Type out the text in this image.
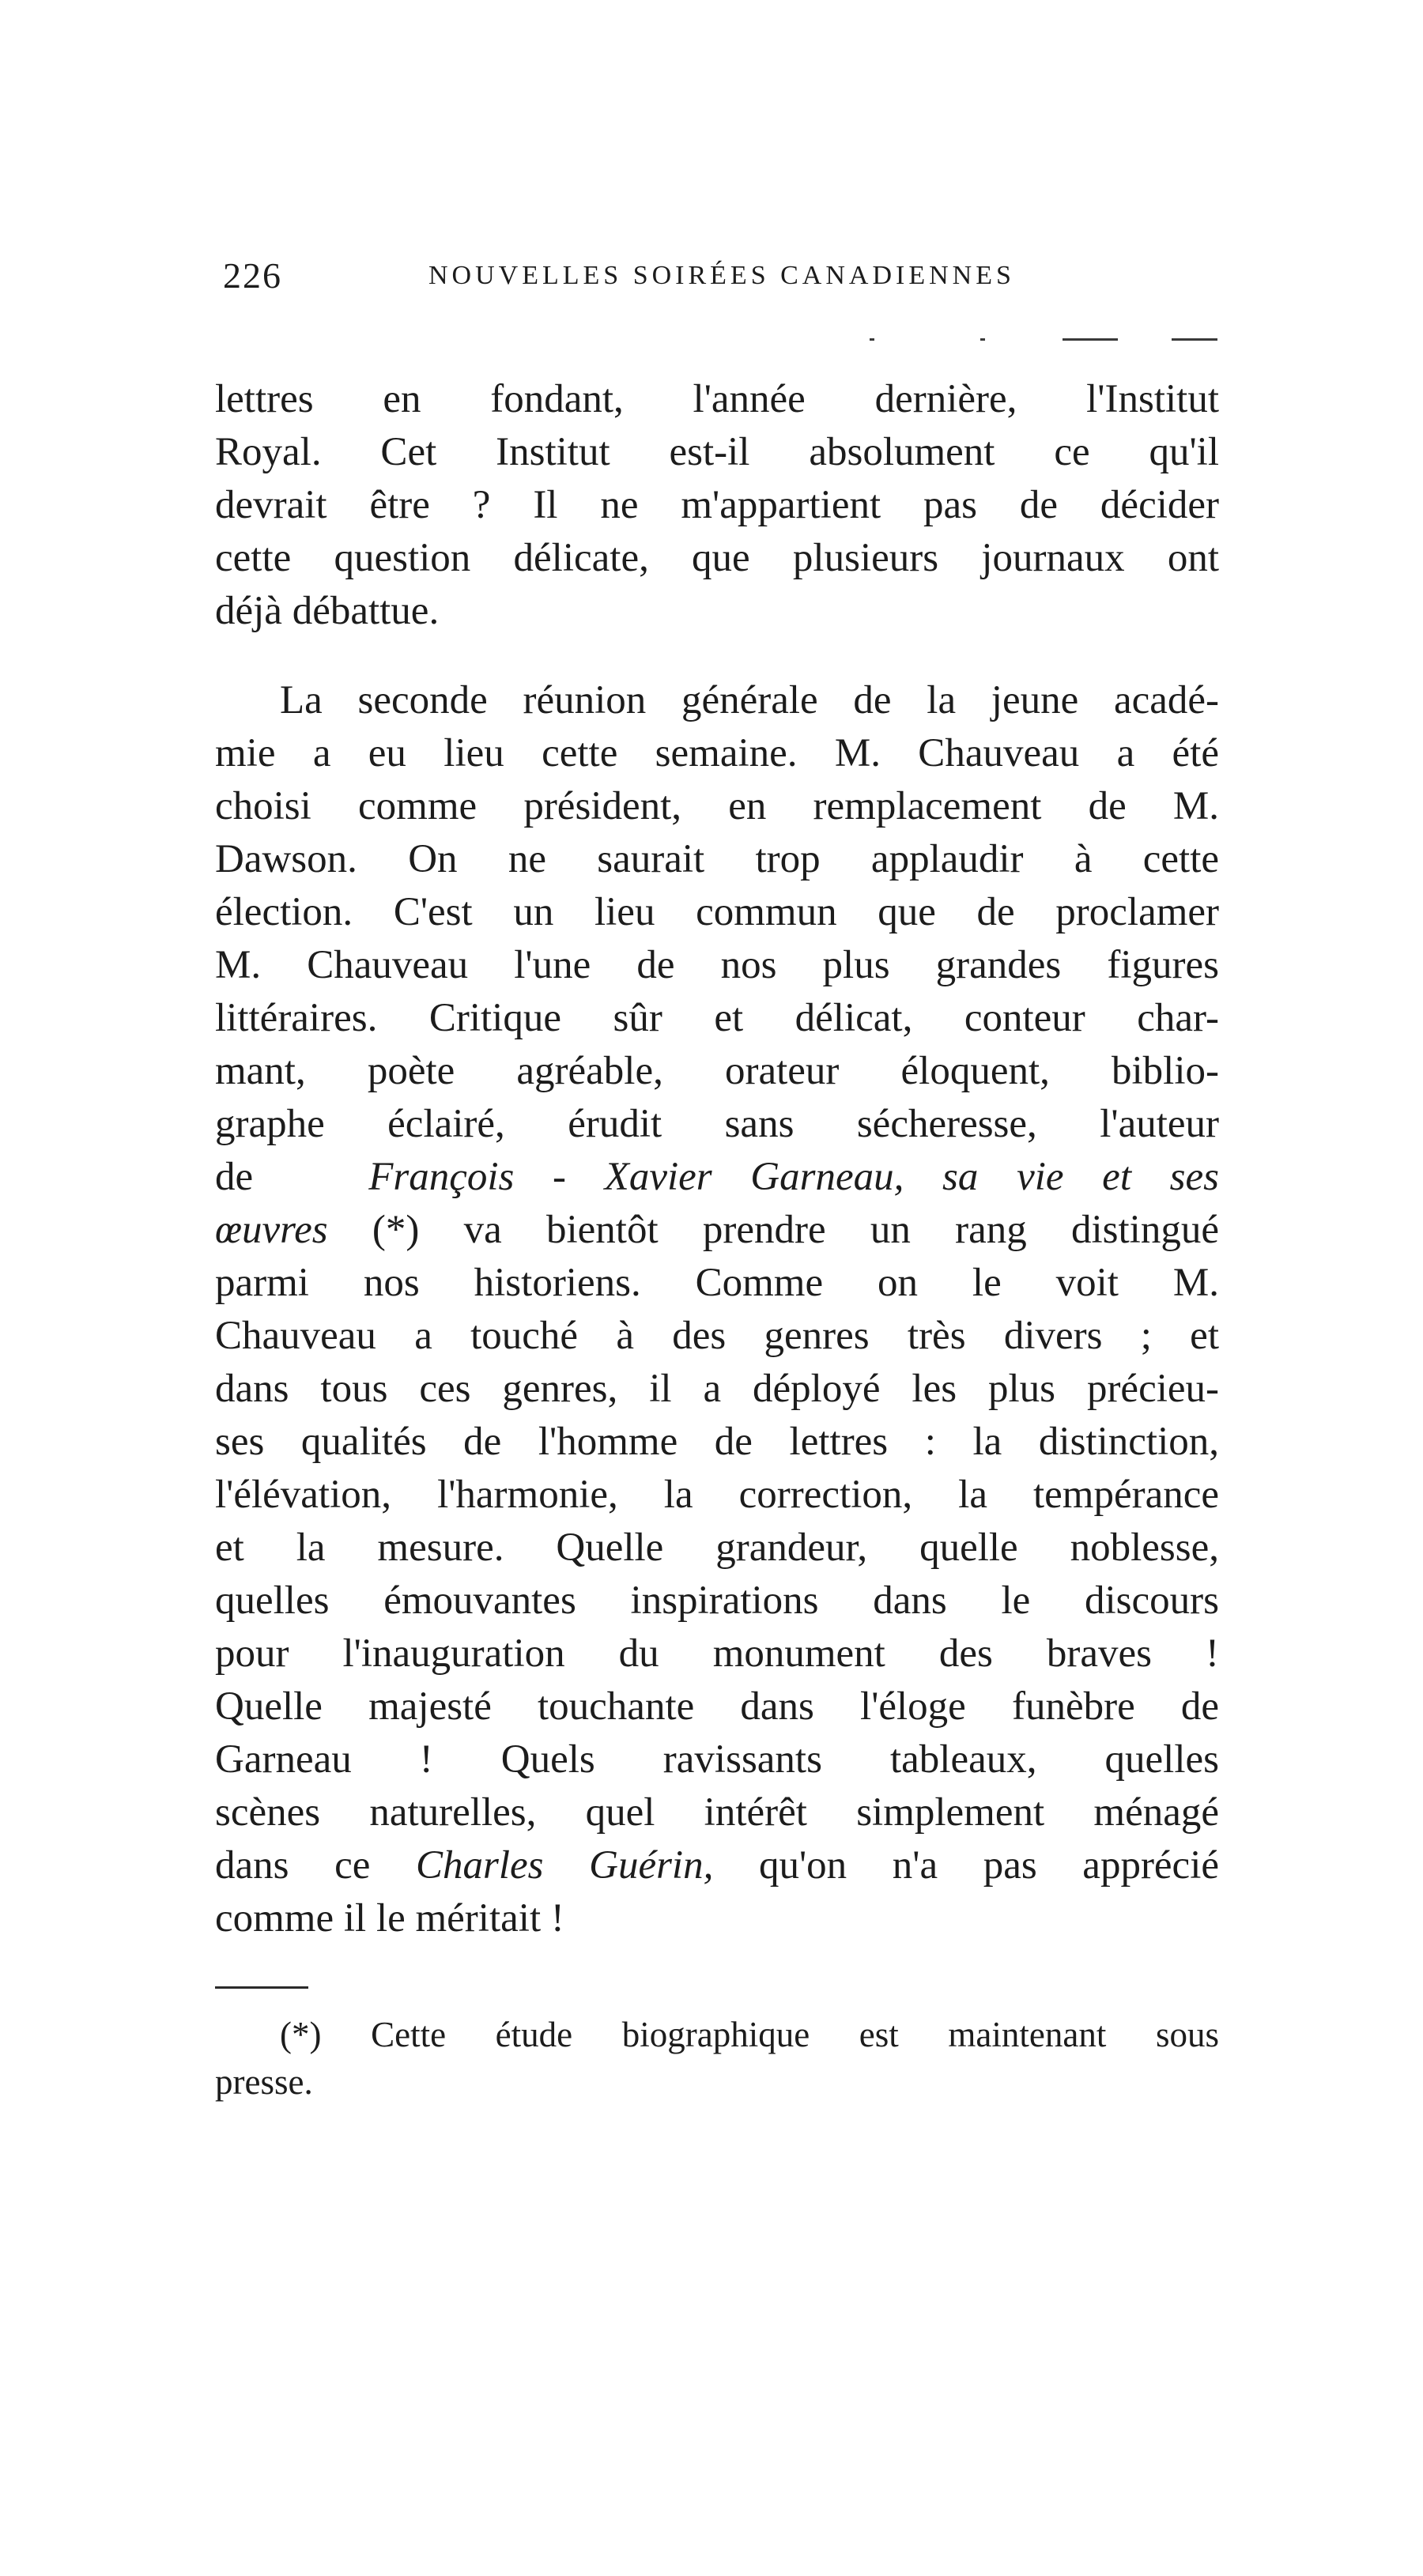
226	NOUVELLES SOIRÉES CANADIENNES
lettres en fondant, l'année dernière, l'Institut
Royal. Cet Institut est-il absolument ce qu'il
devrait être ? Il ne m'appartient pas de décider
cette question délicate, que plusieurs journaux ont
déjà débattue.
La seconde réunion générale de la jeune acadé-
mie a eu lieu cette semaine. M. Chauveau a été
choisi comme président, en remplacement de M.
Dawson. On ne saurait trop applaudir à cette
élection. C'est un lieu commun que de proclamer
M. Chauveau l'une de nos plus grandes figures
littéraires. Critique sûr et délicat, conteur char-
mant, poète agréable, orateur éloquent, biblio-
graphe éclairé, érudit sans sécheresse, l'auteur
de	François - Xavier Garneau, sa vie et ses
œuvres (*) va bientôt prendre un rang distingué
parmi nos historiens. Comme on le voit M.
Chauveau a touché à des genres très divers ; et
dans tous ces genres, il a déployé les plus précieu-
ses qualités de l'homme de lettres : la distinction,
l'élévation, l'harmonie, la correction, la tempérance
et la mesure. Quelle grandeur, quelle noblesse,
quelles émouvantes inspirations dans le discours
pour l'inauguration du monument des braves !
Quelle majesté touchante dans l'éloge funèbre de
Garneau ! Quels ravissants tableaux, quelles
scènes naturelles, quel intérêt simplement ménagé
dans ce Charles Guérin, qu'on n'a pas apprécié
comme il le méritait !
(*) Cette étude biographique est maintenant sous
presse.
